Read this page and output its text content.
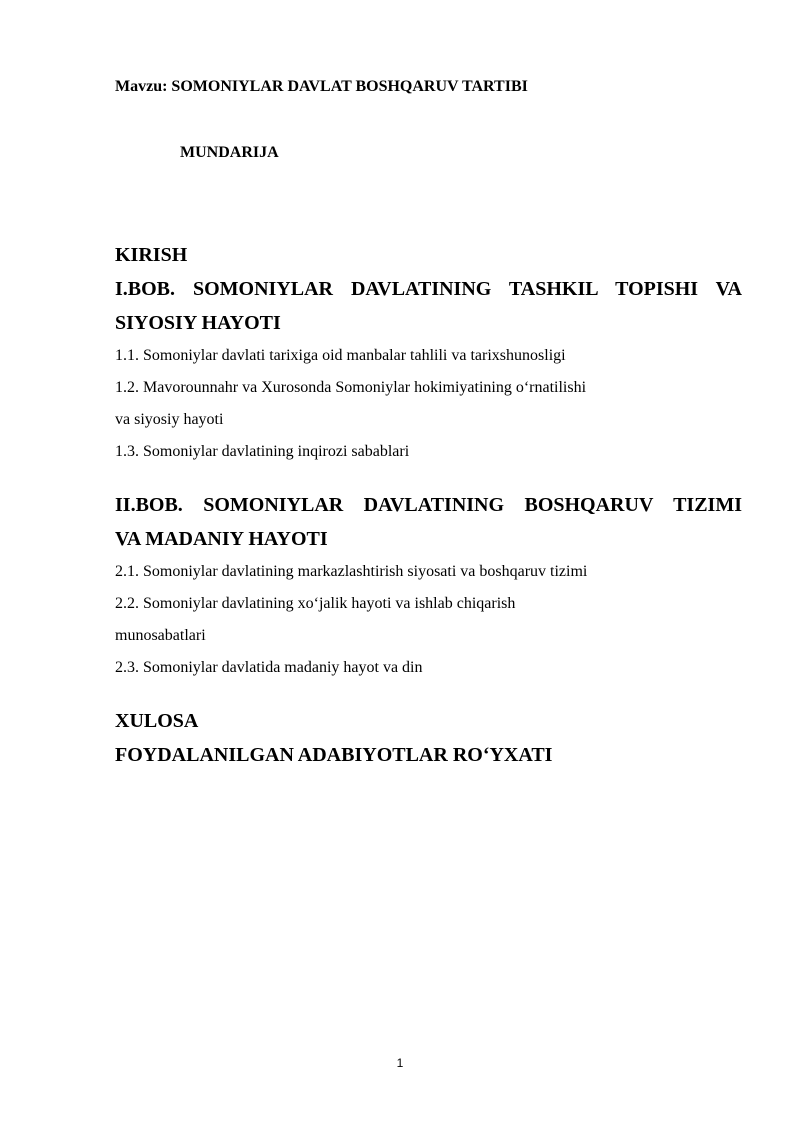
Mavzu: SOMONIYLAR DAVLAT BOSHQARUV TARTIBI
MUNDARIJA

KIRISH

I.BOB. SOMONIYLAR DAVLATINING TASHKIL TOPISHI VA

SIYOSIY HAYOTI

1.1. Somoniylar davlati tarixiga oid manbalar tahlili va tarixshunosligi

1.2. Mavorounnahr va Xurosonda Somoniylar hokimiyatining o‘rnatilishi

va siyosiy hayoti

1.3. Somoniylar davlatining inqirozi sabablari

II.BOB. SOMONIYLAR DAVLATINING BOSHQARUV TIZIMI

VA MADANIY HAYOTI

2.1. Somoniylar davlatining markazlashtirish siyosati va boshqaruv tizimi

2.2. Somoniylar davlatining xo‘jalik hayoti va ishlab chiqarish

munosabatlari

2.3. Somoniylar davlatida madaniy hayot va din

XULOSA

FOYDALANILGAN ADABIYOTLAR RO‘YXATI

1
